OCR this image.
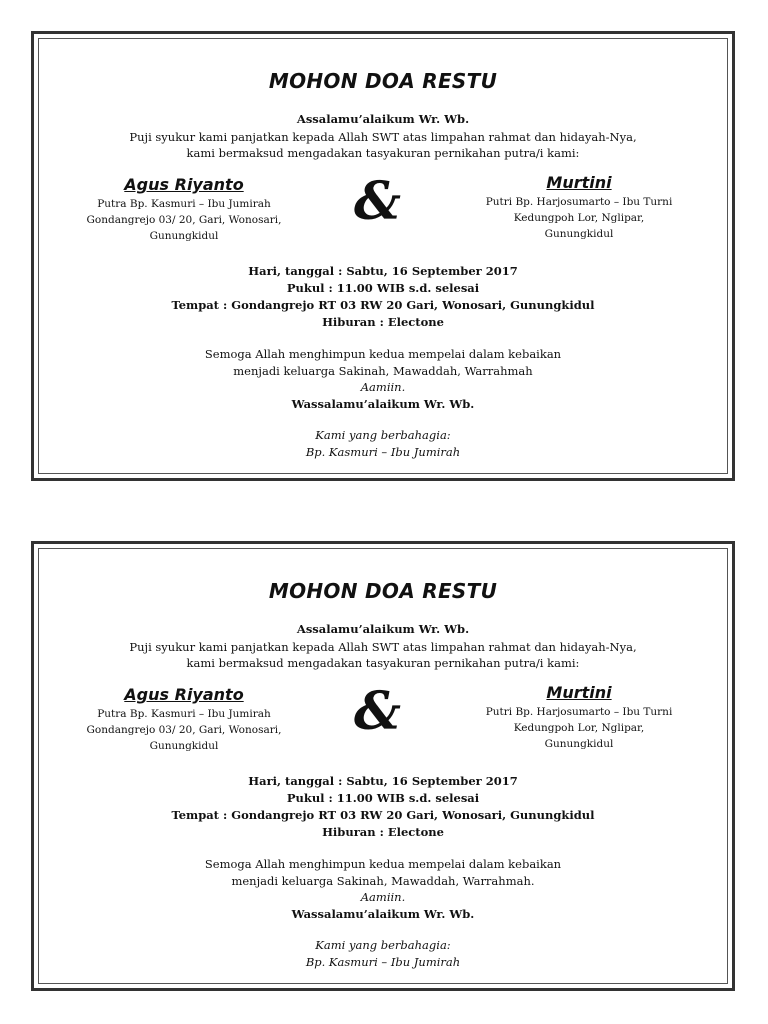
MOHON DOA RESTU
Assalamu’alaikum Wr. Wb.
Puji syukur kami panjatkan kepada Allah SWT atas limpahan rahmat dan hidayah-Nya,
kami bermaksud mengadakan tasyakuran pernikahan putra/i kami:
Agus Riyanto
Putra Bp. Kasmuri – Ibu Jumirah
Gondangrejo 03/ 20, Gari, Wonosari,
Gunungkidul
&	Murtini
Putri Bp. Harjosumarto – Ibu Turni
Kedungpoh Lor, Nglipar,
Gunungkidul
Hari, tanggal : Sabtu, 16 September 2017
Pukul : 11.00 WIB s.d. selesai
Tempat : Gondangrejo RT 03 RW 20 Gari, Wonosari, Gunungkidul
Hiburan : Electone
Semoga Allah menghimpun kedua mempelai dalam kebaikan
menjadi keluarga Sakinah, Mawaddah, Warrahmah
Aamiin.
Wassalamu’alaikum Wr. Wb.
Kami yang berbahagia:
Bp. Kasmuri – Ibu Jumirah
MOHON DOA RESTU
Assalamu’alaikum Wr. Wb.
Puji syukur kami panjatkan kepada Allah SWT atas limpahan rahmat dan hidayah-Nya,
kami bermaksud mengadakan tasyakuran pernikahan putra/i kami:
Agus Riyanto
Putra Bp. Kasmuri – Ibu Jumirah
Gondangrejo 03/ 20, Gari, Wonosari,
Gunungkidul
&	Murtini
Putri Bp. Harjosumarto – Ibu Turni
Kedungpoh Lor, Nglipar,
Gunungkidul
Hari, tanggal : Sabtu, 16 September 2017
Pukul : 11.00 WIB s.d. selesai
Tempat : Gondangrejo RT 03 RW 20 Gari, Wonosari, Gunungkidul
Hiburan : Electone
Semoga Allah menghimpun kedua mempelai dalam kebaikan
menjadi keluarga Sakinah, Mawaddah, Warrahmah.
Aamiin.
Wassalamu’alaikum Wr. Wb.
Kami yang berbahagia:
Bp. Kasmuri – Ibu Jumirah
